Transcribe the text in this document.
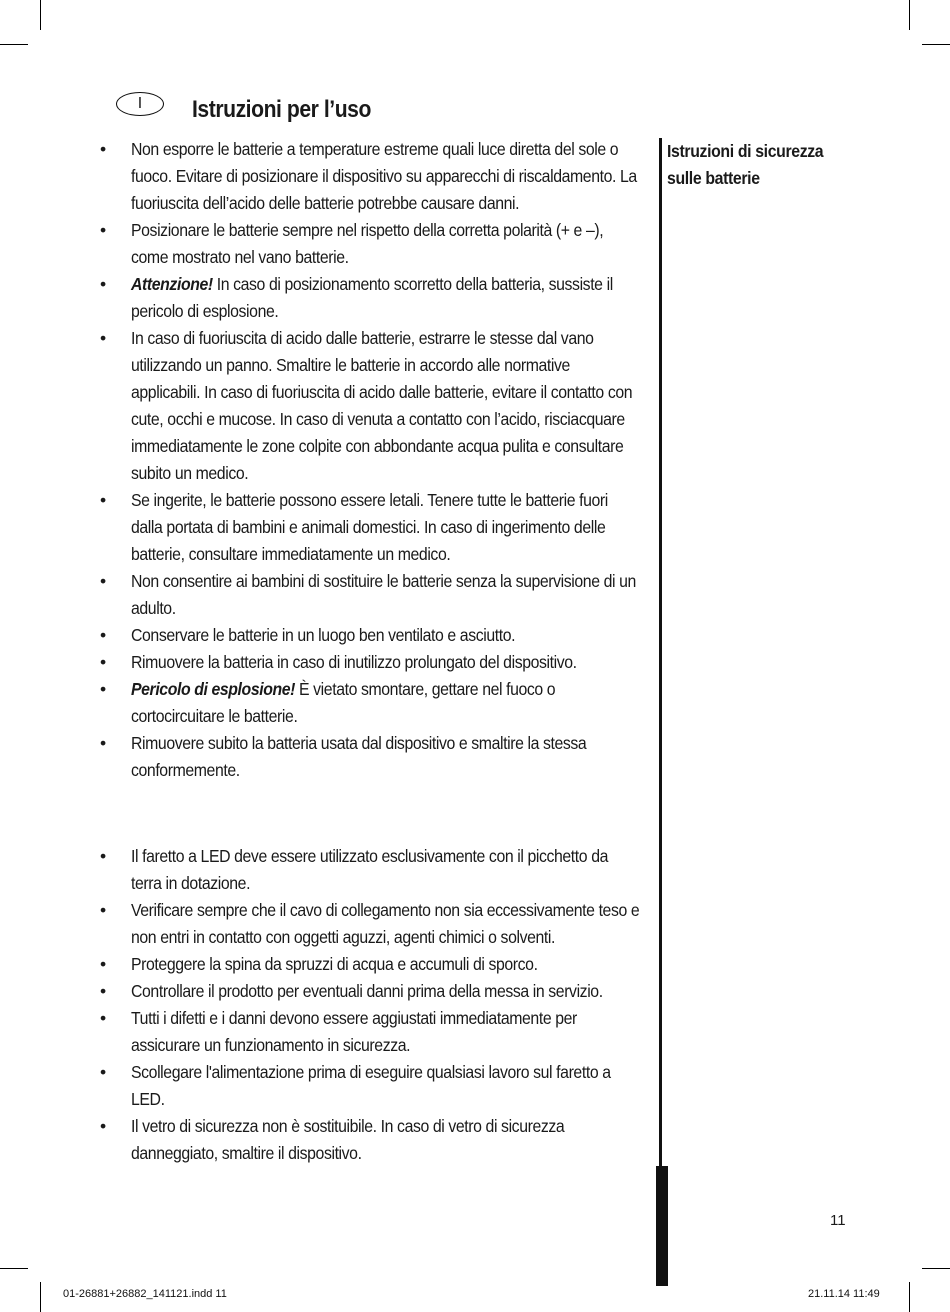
I Istruzioni per l’uso
Istruzioni di sicurezza sulle batterie
•	Non esporre le batterie a temperature estreme quali luce diretta del sole o fuoco. Evitare di posizionare il dispositivo su apparecchi di riscaldamento. La fuoriuscita dell’acido delle batterie potrebbe causare danni.
•	Posizionare le batterie sempre nel rispetto della corretta polarità (+ e –), come mostrato nel vano batterie.
•	Attenzione! In caso di posizionamento scorretto della batteria, sussiste il pericolo di esplosione.
•	In caso di fuoriuscita di acido dalle batterie, estrarre le stesse dal vano utilizzando un panno. Smaltire le batterie in accordo alle normative applicabili. In caso di fuoriuscita di acido dalle batterie, evitare il contatto con cute, occhi e mucose. In caso di venuta a contatto con l’acido, risciacquare immediatamente le zone colpite con abbondante acqua pulita e consultare subito un medico.
•	Se ingerite, le batterie possono essere letali. Tenere tutte le batterie fuori dalla portata di bambini e animali domestici. In caso di ingerimento delle batterie, consultare immediatamente un medico.
•	Non consentire ai bambini di sostituire le batterie senza la supervisione di un adulto.
•	Conservare le batterie in un luogo ben ventilato e asciutto.
•	Rimuovere la batteria in caso di inutilizzo prolungato del dispositivo.
•	Pericolo di esplosione! È vietato smontare, gettare nel fuoco o cortocircuitare le batterie.
•	Rimuovere subito la batteria usata dal dispositivo e smaltire la stessa conformemente.
•	Il faretto a LED deve essere utilizzato esclusivamente con il picchetto da terra in dotazione.
•	Verificare sempre che il cavo di collegamento non sia eccessivamente teso e non entri in contatto con oggetti aguzzi, agenti chimici o solventi.
•	Proteggere la spina da spruzzi di acqua e accumuli di sporco.
•	Controllare il prodotto per eventuali danni prima della messa in servizio.
•	Tutti i difetti e i danni devono essere aggiustati immediatamente per assicurare un funzionamento in sicurezza.
•	Scollegare l'alimentazione prima di eseguire qualsiasi lavoro sul faretto a LED.
•	Il vetro di sicurezza non è sostituibile. In caso di vetro di sicurezza danneggiato, smaltire il dispositivo.
11
01-26881+26882_141121.indd 11	21.11.14 11:49
